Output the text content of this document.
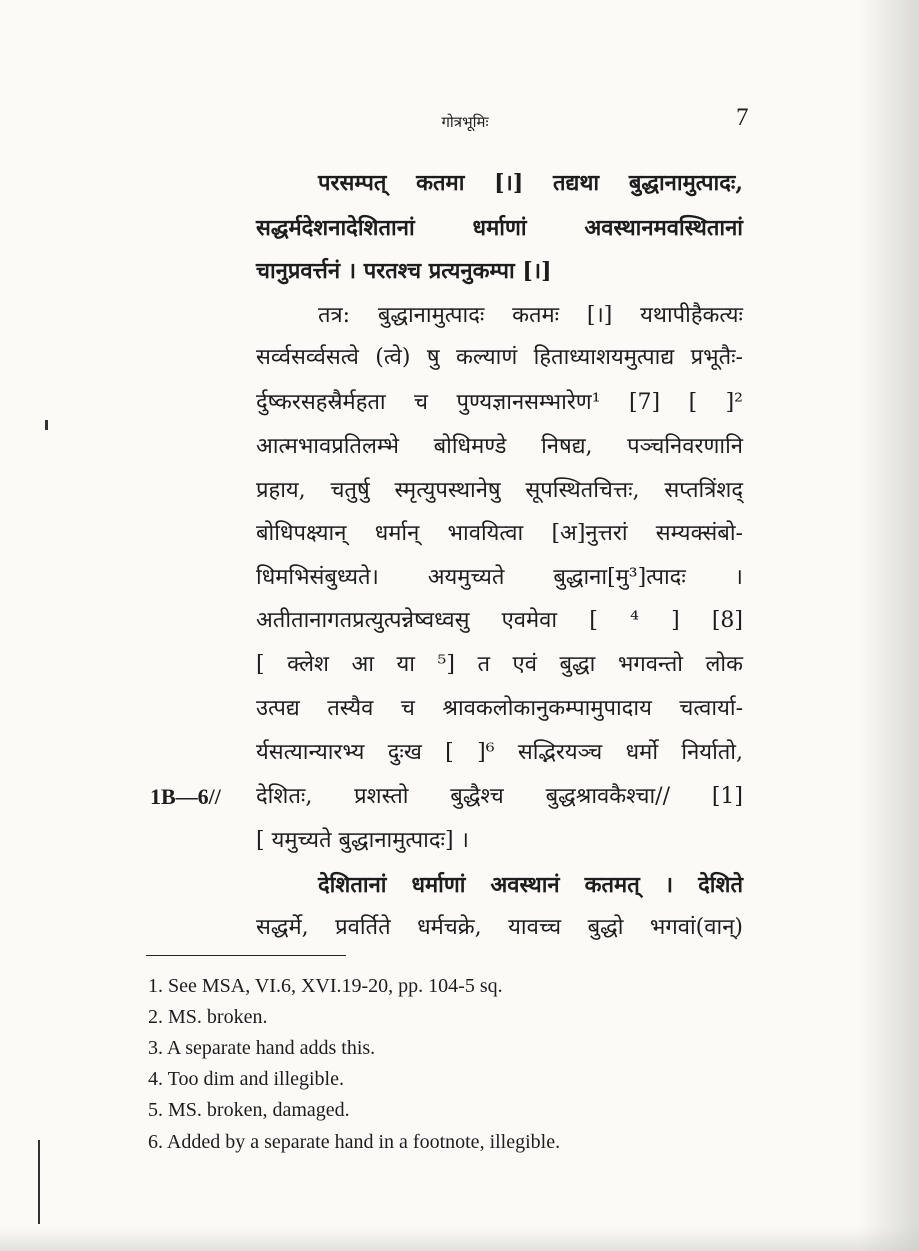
गोत्रभूमिः	7
परसम्पत् कतमा [।] तद्यथा बुद्धानामुत्पादः,
सद्धर्मदेशनादेशितानां धर्माणां अवस्थानमवस्थितानां
चानुप्रवर्त्तनं । परतश्च प्रत्यनुकम्पा [।]
तत्र: बुद्धानामुत्पादः कतमः [।] यथापीहैकत्यः
सर्व्वसर्व्वसत्वे (त्वे) षु कल्याणं हिताध्याशयमुत्पाद्य प्रभूतैः-
र्दुष्करसहस्रैर्महता च पुण्यज्ञानसम्भारेण¹ [7] [ ]²
आत्मभावप्रतिलम्भे बोधिमण्डे निषद्य, पञ्चनिवरणानि
प्रहाय, चतुर्षु स्मृत्युपस्थानेषु सूपस्थितचित्तः, सप्तत्रिंशद्
बोधिपक्ष्यान् धर्मान् भावयित्वा [अ]नुत्तरां सम्यक्संबो-
धिमभिसंबुध्यते। अयमुच्यते बुद्धाना[मु³]त्पादः ।
अतीतानागतप्रत्युत्पन्नेष्वध्वसु एवमेवा [ ⁴ ] [8]
[ क्लेश आ या ⁵] त एवं बुद्धा भगवन्तो लोक
उत्पद्य तस्यैव च श्रावकलोकानुकम्पामुपादाय चत्वार्या-
र्यसत्यान्यारभ्य दुःख [ ]⁶ सद्भिरयञ्च धर्मो निर्यातो,
1B—6// देशितः, प्रशस्तो बुद्धैश्च बुद्धश्रावकैश्चा// [1]
[ यमुच्यते बुद्धानामुत्पादः] ।
देशितानां धर्माणां अवस्थानं कतमत् । देशिते
सद्धर्मे, प्रवर्तिते धर्मचक्रे, यावच्च बुद्धो भगवां(वान्)
1. See MSA, VI.6, XVI.19-20, pp. 104-5 sq.
2. MS. broken.
3. A separate hand adds this.
4. Too dim and illegible.
5. MS. broken, damaged.
6. Added by a separate hand in a footnote, illegible.
